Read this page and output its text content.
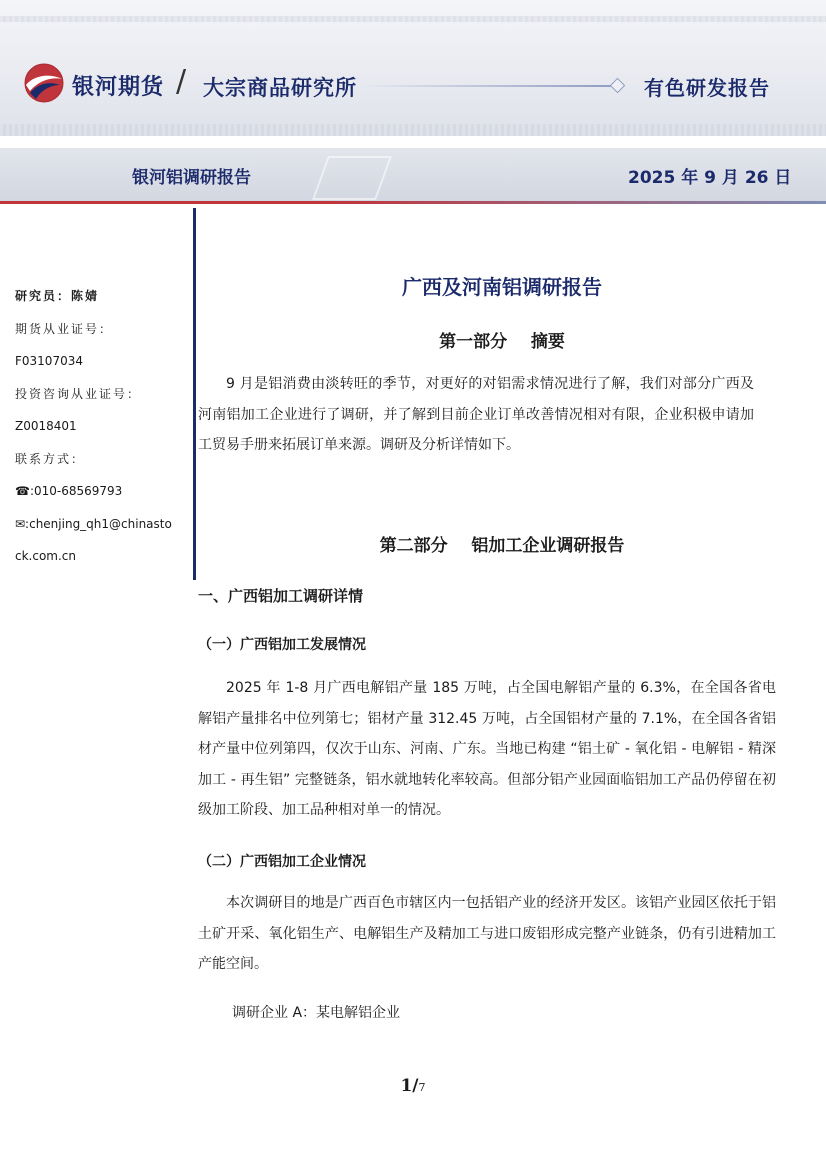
银河期货 / 大宗商品研究所	有色研发报告
银河铝调研报告	2025 年 9 月 26 日
研究员：陈婧
期货从业证号：
F03107034
投资咨询从业证号：
Z0018401
联系方式：
☎:010-68569793
✉:chenjing_qh1@chinasto
ck.com.cn
广西及河南铝调研报告
第一部分    摘要
9 月是铝消费由淡转旺的季节，对更好的对铝需求情况进行了解，我们对部分广西及河南铝加工企业进行了调研，并了解到目前企业订单改善情况相对有限，企业积极申请加工贸易手册来拓展订单来源。调研及分析详情如下。
第二部分    铝加工企业调研报告
一、广西铝加工调研详情
（一）广西铝加工发展情况
2025 年 1-8 月广西电解铝产量 185 万吨，占全国电解铝产量的 6.3%，在全国各省电解铝产量排名中位列第七；铝材产量 312.45 万吨，占全国铝材产量的 7.1%，在全国各省铝材产量中位列第四，仅次于山东、河南、广东。当地已构建 “铝土矿 - 氧化铝 - 电解铝 - 精深加工 - 再生铝” 完整链条，铝水就地转化率较高。但部分铝产业园面临铝加工产品仍停留在初级加工阶段、加工品种相对单一的情况。
（二）广西铝加工企业情况
本次调研目的地是广西百色市辖区内一包括铝产业的经济开发区。该铝产业园区依托于铝土矿开采、氧化铝生产、电解铝生产及精加工与进口废铝形成完整产业链条，仍有引进精加工产能空间。
调研企业 A：某电解铝企业
1/7
